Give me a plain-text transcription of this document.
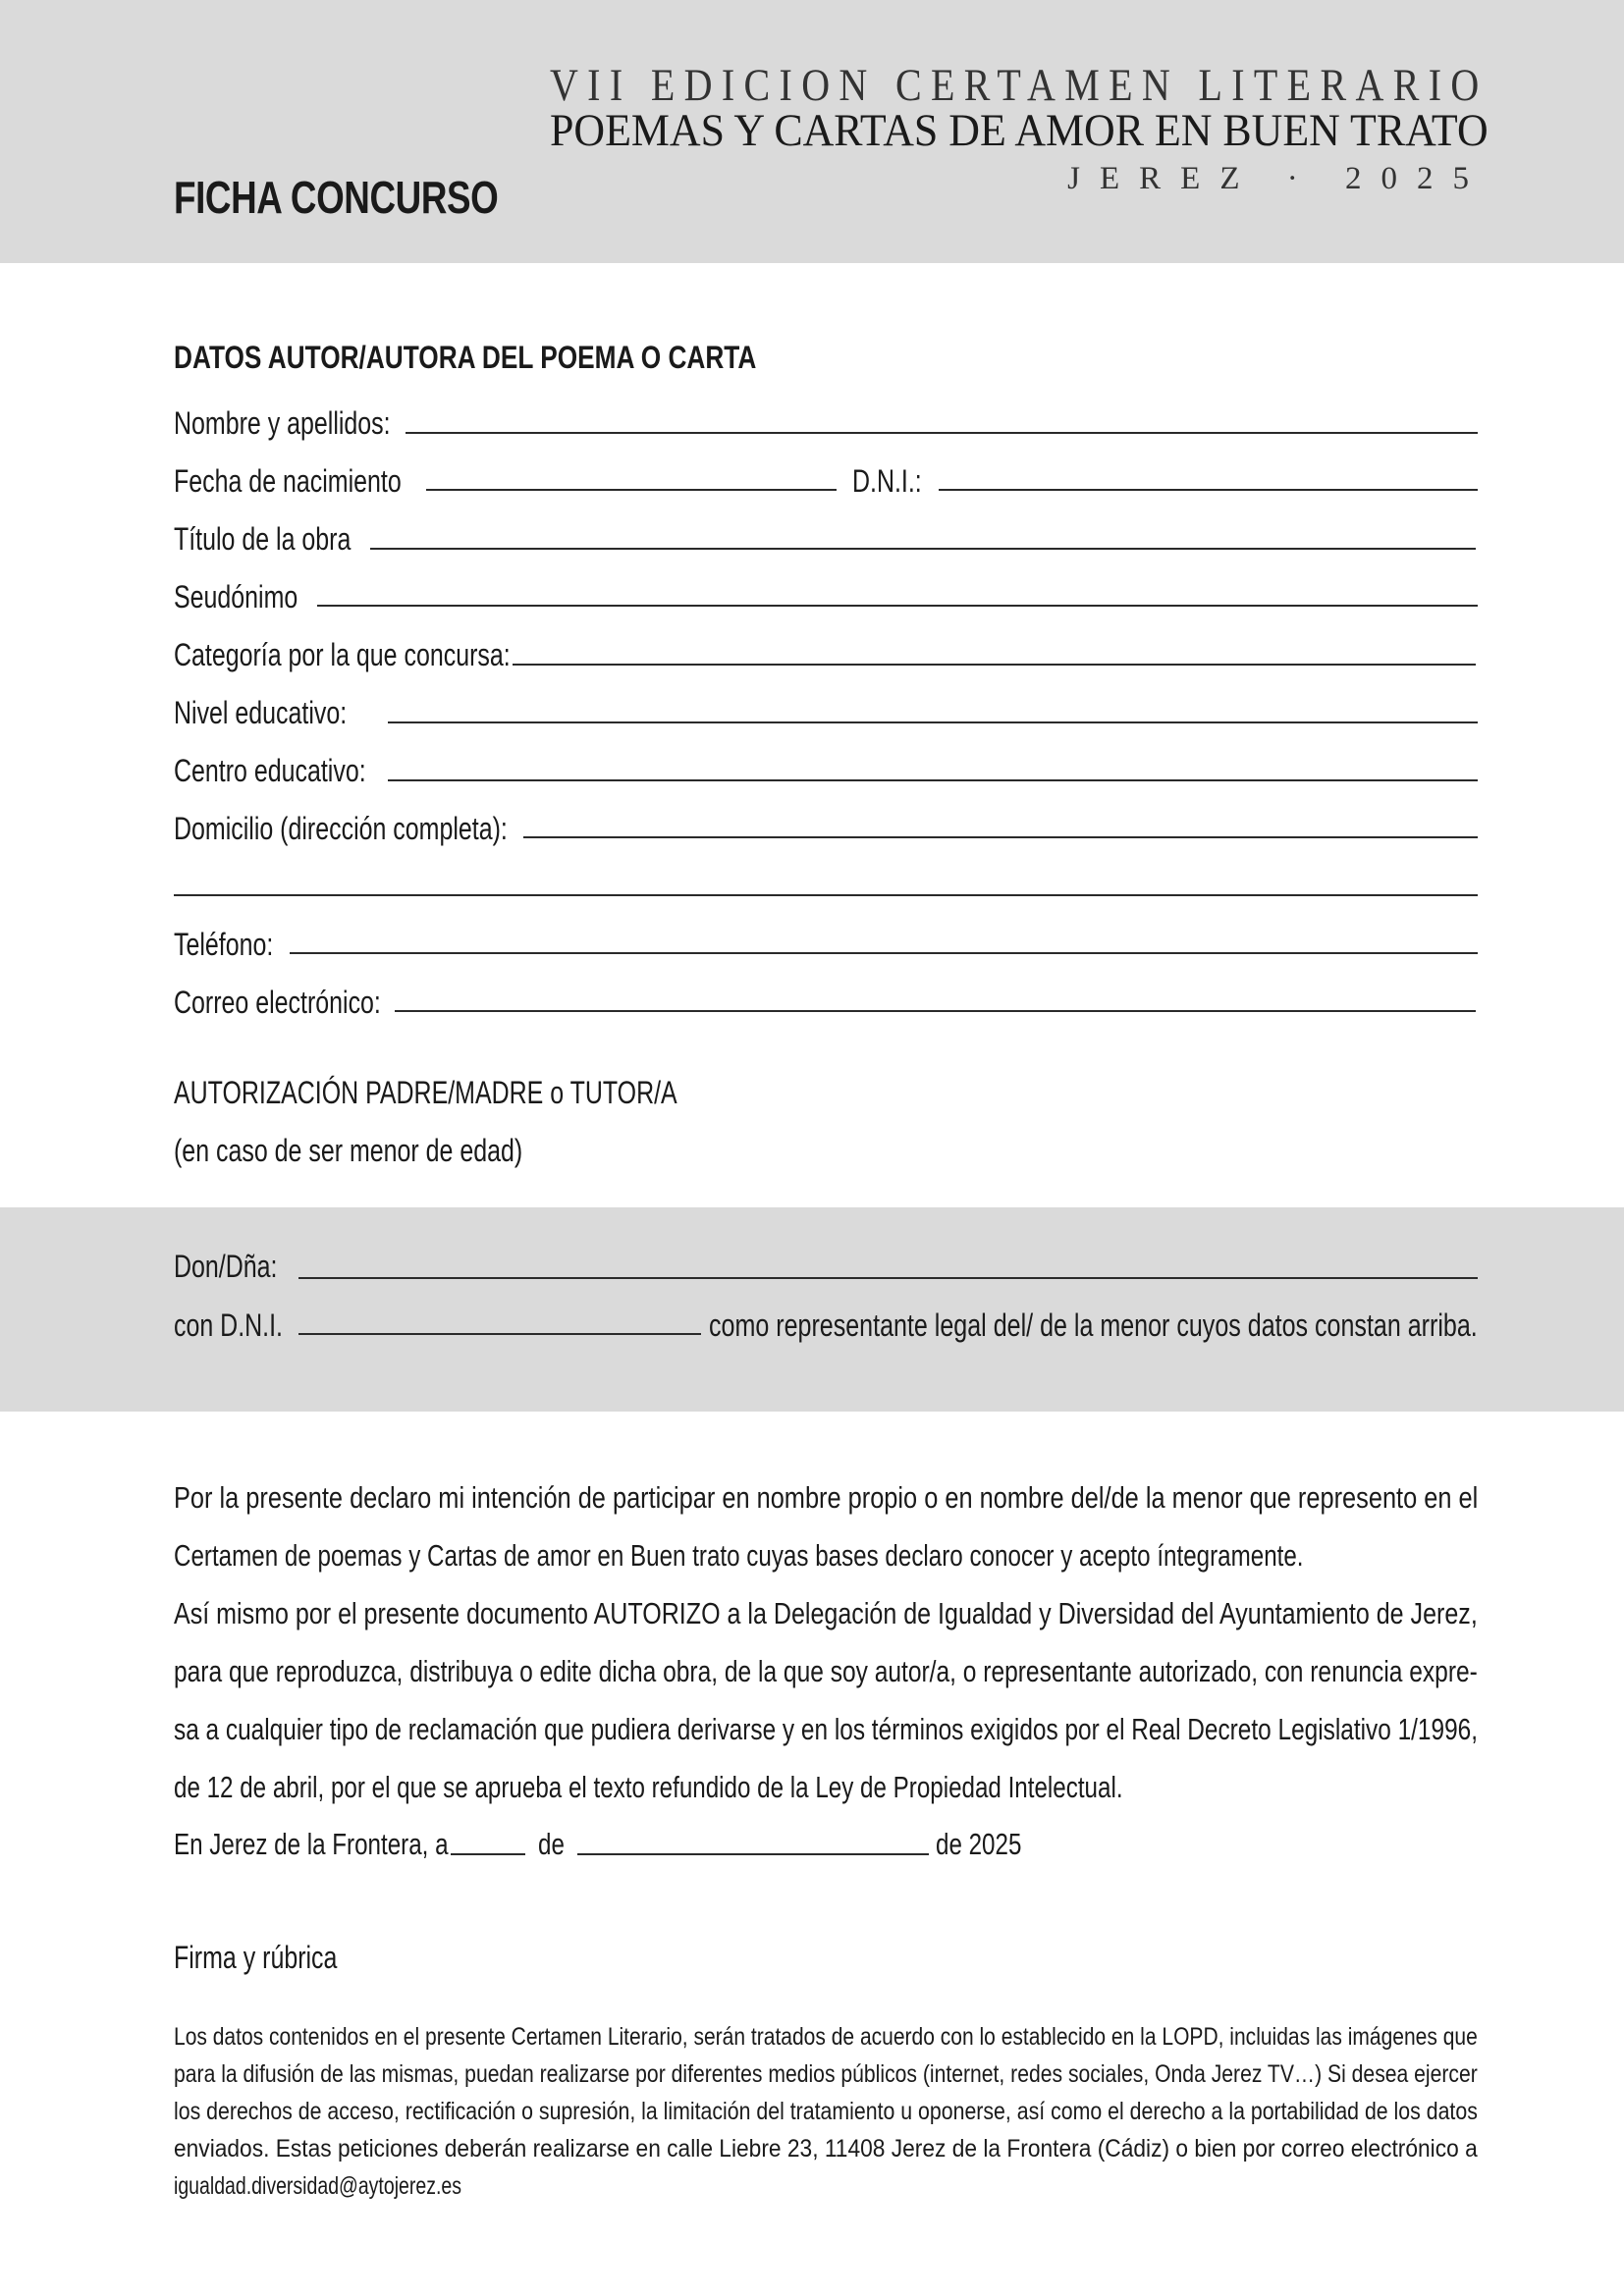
VII EDICION CERTAMEN LITERARIO
POEMAS Y CARTAS DE AMOR EN BUEN TRATO
JEREZ · 2025
FICHA CONCURSO
DATOS AUTOR/AUTORA DEL POEMA O CARTA
Nombre y apellidos:
Fecha de nacimiento	D.N.I.:
Título de la obra
Seudónimo
Categoría por la que concursa:
Nivel educativo:
Centro educativo:
Domicilio (dirección completa):
Teléfono:
Correo electrónico:
AUTORIZACIÓN PADRE/MADRE o TUTOR/A
(en caso de ser menor de edad)
Don/Dña:
con D.N.I.	como representante legal del/ de la menor cuyos datos constan arriba.
Por la presente declaro mi intención de participar en nombre propio o en nombre del/de la menor que represento en el
Certamen de poemas y Cartas de amor en Buen trato cuyas bases declaro conocer y acepto íntegramente.
Así mismo por el presente documento AUTORIZO a la Delegación de Igualdad y Diversidad del Ayuntamiento de Jerez,
para que reproduzca, distribuya o edite dicha obra, de la que soy autor/a, o representante autorizado, con renuncia expre-
sa a cualquier tipo de reclamación que pudiera derivarse y en los términos exigidos por el Real Decreto Legislativo 1/1996,
de 12 de abril, por el que se aprueba el texto refundido de la Ley de Propiedad Intelectual.
En Jerez de la Frontera, a	de	de 2025
Firma y rúbrica
Los datos contenidos en el presente Certamen Literario, serán tratados de acuerdo con lo establecido en la LOPD, incluidas las imágenes que
para la difusión de las mismas, puedan realizarse por diferentes medios públicos (internet, redes sociales, Onda Jerez TV…) Si desea ejercer
los derechos de acceso, rectificación o supresión, la limitación del tratamiento u oponerse, así como el derecho a la portabilidad de los datos
enviados. Estas peticiones deberán realizarse en calle Liebre 23, 11408 Jerez de la Frontera (Cádiz) o bien por correo electrónico a
igualdad.diversidad@aytojerez.es
